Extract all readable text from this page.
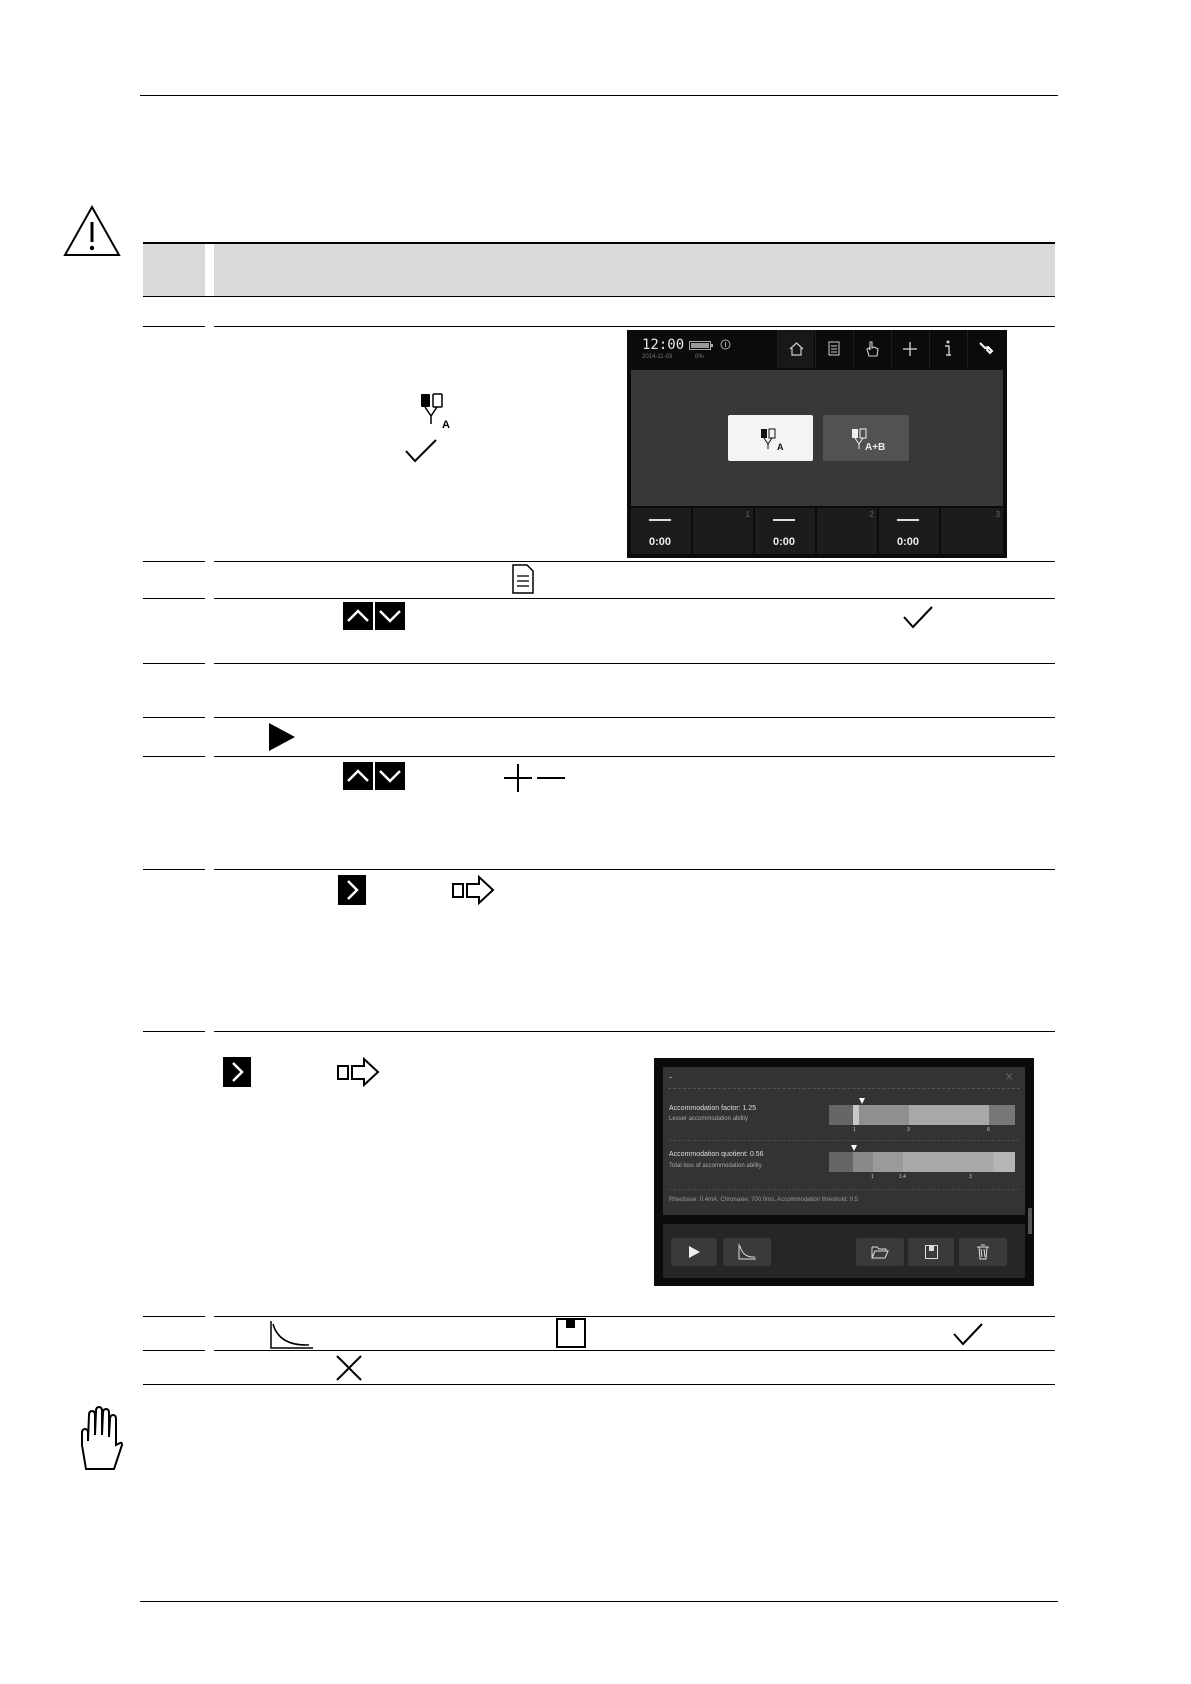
A
12:00
2014-11-03	0%
A	A+B
0:00
1
0:00
2
0:00
3
-	×
Accommodation factor: 1.25
Lesser accommodation ability
1	3	6
Accommodation quotient: 0.56
Total loss of accommodation ability
1	1.4	3
Rheobase: 0.4mA, Chronaxie: 700.0ms, Accommodation threshold: 0.5
